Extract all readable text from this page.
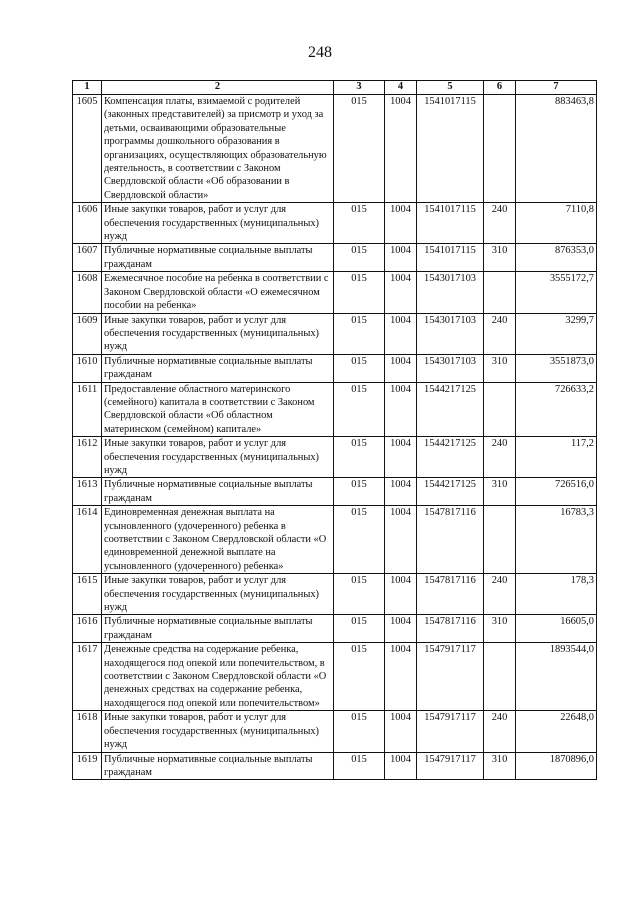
248
1	2	3	4	5	6	7
1605	Компенсация платы, взимаемой с родителей (законных представителей) за присмотр и уход за детьми, осваивающими образовательные программы дошкольного образования в организациях, осуществляющих образовательную деятельность, в соответствии с Законом Свердловской области «Об образовании в Свердловской области»	015	1004	1541017115		883463,8
1606	Иные закупки товаров, работ и услуг для обеспечения государственных (муниципальных) нужд	015	1004	1541017115	240	7110,8
1607	Публичные нормативные социальные выплаты гражданам	015	1004	1541017115	310	876353,0
1608	Ежемесячное пособие на ребенка в соответствии с Законом Свердловской области «О ежемесячном пособии на ребенка»	015	1004	1543017103		3555172,7
1609	Иные закупки товаров, работ и услуг для обеспечения государственных (муниципальных) нужд	015	1004	1543017103	240	3299,7
1610	Публичные нормативные социальные выплаты гражданам	015	1004	1543017103	310	3551873,0
1611	Предоставление областного материнского (семейного) капитала в соответствии с Законом Свердловской области «Об областном материнском (семейном) капитале»	015	1004	1544217125		726633,2
1612	Иные закупки товаров, работ и услуг для обеспечения государственных (муниципальных) нужд	015	1004	1544217125	240	117,2
1613	Публичные нормативные социальные выплаты гражданам	015	1004	1544217125	310	726516,0
1614	Единовременная денежная выплата на усыновленного (удочеренного) ребенка в соответствии с Законом Свердловской области «О единовременной денежной выплате на усыновленного (удочеренного) ребенка»	015	1004	1547817116		16783,3
1615	Иные закупки товаров, работ и услуг для обеспечения государственных (муниципальных) нужд	015	1004	1547817116	240	178,3
1616	Публичные нормативные социальные выплаты гражданам	015	1004	1547817116	310	16605,0
1617	Денежные средства на содержание ребенка, находящегося под опекой или попечительством, в соответствии с Законом Свердловской области «О денежных средствах на содержание ребенка, находящегося под опекой или попечительством»	015	1004	1547917117		1893544,0
1618	Иные закупки товаров, работ и услуг для обеспечения государственных (муниципальных) нужд	015	1004	1547917117	240	22648,0
1619	Публичные нормативные социальные выплаты гражданам	015	1004	1547917117	310	1870896,0
